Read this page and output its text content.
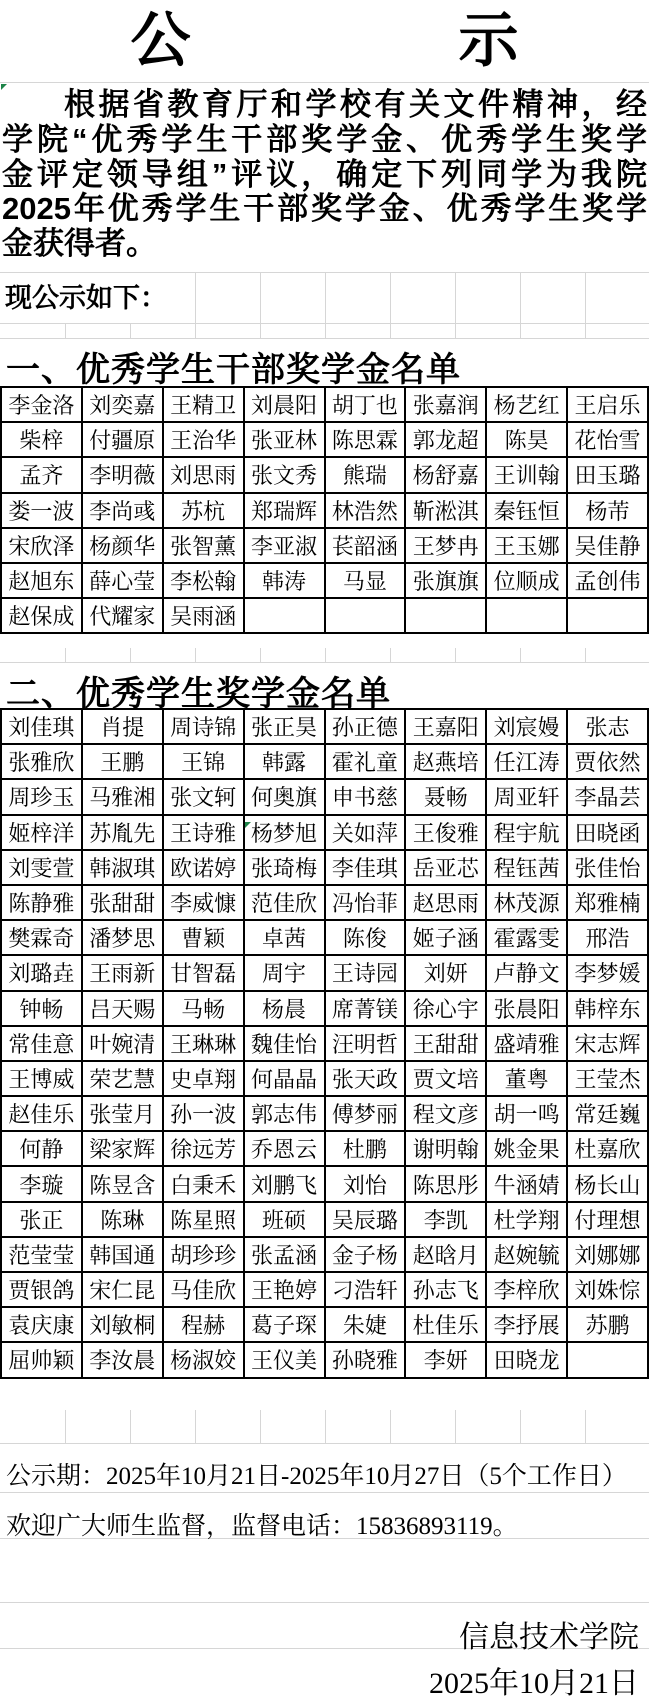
公	示
根据省教育厅和学校有关文件精神，经
学院“优秀学生干部奖学金、优秀学生奖学
金评定领导组”评议，确定下列同学为我院
2025年优秀学生干部奖学金、优秀学生奖学
金获得者。
现公示如下：
一、优秀学生干部奖学金名单
李金洛	刘奕嘉	王精卫	刘晨阳	胡丁也	张嘉润	杨艺红	王启乐
柴梓	付疆原	王治华	张亚林	陈思霖	郭龙超	陈昊	花怡雪
孟齐	李明薇	刘思雨	张文秀	熊瑞	杨舒嘉	王训翰	田玉璐
娄一波	李尚彧	苏杭	郑瑞辉	林浩然	靳淞淇	秦钰恒	杨芾
宋欣泽	杨颜华	张智薰	李亚淑	苌韶涵	王梦冉	王玉娜	吴佳静
赵旭东	薛心莹	李松翰	韩涛	马显	张旗旗	位顺成	孟创伟
赵保成	代耀家	吴雨涵					
二、优秀学生奖学金名单
刘佳琪	肖提	周诗锦	张正昊	孙正德	王嘉阳	刘宸嫚	张志
张雅欣	王鹏	王锦	韩露	霍礼童	赵燕培	任江涛	贾依然
周珍玉	马雅湘	张文轲	何奥旗	申书慈	聂畅	周亚轩	李晶芸
姬梓洋	苏胤先	王诗雅	杨梦旭	关如萍	王俊雅	程宇航	田晓函
刘雯萱	韩淑琪	欧诺婷	张琦梅	李佳琪	岳亚芯	程钰茜	张佳怡
陈静雅	张甜甜	李威慷	范佳欣	冯怡菲	赵思雨	林茂源	郑雅楠
樊霖奇	潘梦思	曹颖	卓茜	陈俊	姬子涵	霍露雯	邢浩
刘璐垚	王雨新	甘智磊	周宇	王诗园	刘妍	卢静文	李梦媛
钟畅	吕天赐	马畅	杨晨	席菁镁	徐心宇	张晨阳	韩梓东
常佳意	叶婉清	王琳琳	魏佳怡	汪明哲	王甜甜	盛靖雅	宋志辉
王博威	荣艺慧	史卓翔	何晶晶	张天政	贾文培	董粤	王莹杰
赵佳乐	张莹月	孙一波	郭志伟	傅梦丽	程文彦	胡一鸣	常廷巍
何静	梁家辉	徐远芳	乔恩云	杜鹏	谢明翰	姚金果	杜嘉欣
李璇	陈昱含	白秉禾	刘鹏飞	刘怡	陈思彤	牛涵婧	杨长山
张正	陈琳	陈星照	班硕	吴辰璐	李凯	杜学翔	付理想
范莹莹	韩国通	胡珍珍	张孟涵	金子杨	赵晗月	赵婉毓	刘娜娜
贾银鸽	宋仁昆	马佳欣	王艳婷	刁浩轩	孙志飞	李梓欣	刘姝悰
袁庆康	刘敏桐	程赫	葛子琛	朱婕	杜佳乐	李抒展	苏鹏
屈帅颖	李汝晨	杨淑姣	王仪美	孙晓雅	李妍	田晓龙	
公示期：2025年10月21日-2025年10月27日（5个工作日）
欢迎广大师生监督，监督电话：15836893119。
信息技术学院
2025年10月21日
